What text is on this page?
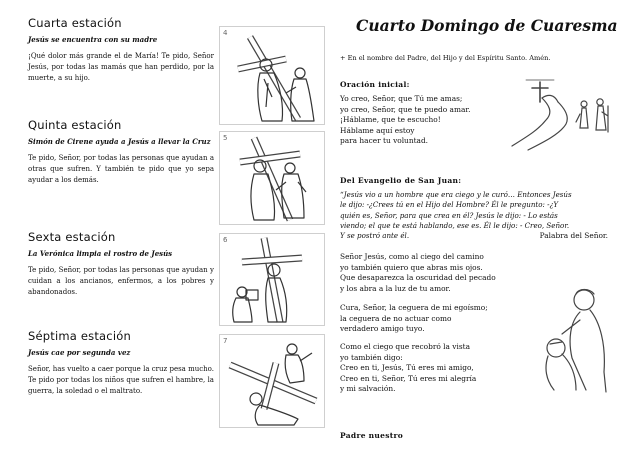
Cuarta estación
Jesús se encuentra con su madre

¡Qué dolor más grande el de María! Te pido, Señor Jesús, por todas las mamás que han perdido, por la muerte, a su hijo.

Quinta estación
Simón de Cirene ayuda a Jesús a llevar la Cruz

Te pido, Señor, por todas las personas que ayudan a otras que sufren. Y también te pido que yo sepa ayudar a los demás.

Sexta estación
La Verónica limpia el rostro de Jesús

Te pido, Señor, por todas las personas que ayudan y cuidan a los ancianos, enfermos, a los pobres y abandonados.

Séptima estación
Jesús cae por segunda vez

Señor, has vuelto a caer porque la cruz pesa mucho. Te pido por todas los niños que sufren el hambre, la guerra, la soledad o el maltrato.

4
5
6
7
Cuarto Domingo de Cuaresma
+ En el nombre del Padre, del Hijo y del Espíritu Santo. Amén.

Oración inicial:

Yo creo, Señor, que Tú me amas;

yo creo, Señor, que te puedo amar.

¡Háblame, que te escucho!

Háblame aquí estoy

para hacer tu voluntad.

Del Evangelio de San Juan:

“Jesús vio a un hombre que era ciego y le curó… Entonces Jesús

le dijo: -¿Crees tú en el Hijo del Hombre? Él le pregunto: -¿Y

quién es, Señor, para que crea en él? Jesús le dijo: - Lo estás

viendo; el que te está hablando, ese es. Él le dijo: - Creo, Señor.

Y se postró ante él.	Palabra del Señor.

Señor Jesús, como al ciego del camino

yo también quiero que abras mis ojos.

Que desaparezca la oscuridad del pecado

y los abra a la luz de tu amor.

Cura, Señor, la ceguera de mi egoísmo;

la ceguera de no actuar como

verdadero amigo tuyo.

Como el ciego que recobró la vista

yo también digo:

Creo en ti, Jesús, Tú eres mi amigo,

Creo en ti, Señor, Tú eres mi alegría

y mi salvación.

Padre nuestro
